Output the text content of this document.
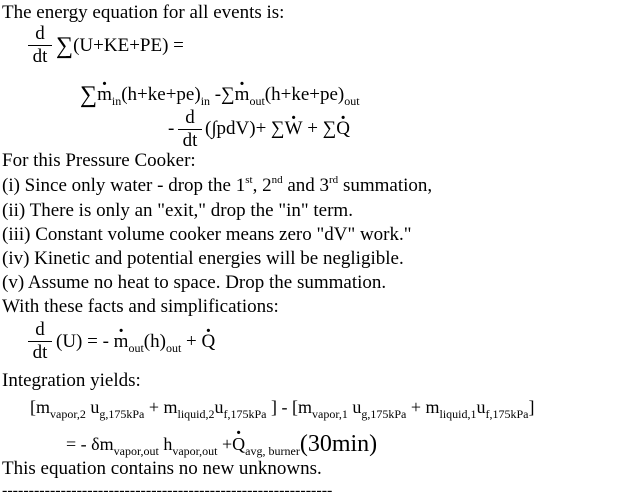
The energy equation for all events is:
d
dt ∑(U+KE+PE) =
∑. $m_{in}(h+ke+pe)_{in}$ -∑. $m_{out}(h+ke+pe)_{out}$
-
d
dt
(∫pdV)+ ∑. W + ∑. Q
For this Pressure Cooker:
(i) Since only water - drop the 1st, 2nd and 3rd summation,
(ii) There is only an "exit," drop the "in" term.
(iii) Constant volume cooker means zero "dV" work."
(iv) Kinetic and potential energies will be negligible.
(v) Assume no heat to space. Drop the summation.
With these facts and simplifications:
d
dt
(U) = - . $m_{out}(h)_{out}$ + . Q
Integration yields:
[$m_{vapor,2}$ $u_{g,175kPa} + m_{liquid,2}u_{f,175kPa}$ ] - [$m_{vapor,1}$ $u_{g,175kPa} + m_{liquid,1}u_{f,175kPa}$]
= - $\delta m_{vapor,out}$ $h_{vapor,out}$ +. $Q_{avg, burner}(30\min)$
This equation contains no new unknowns.
--------------------------------------------------------------
